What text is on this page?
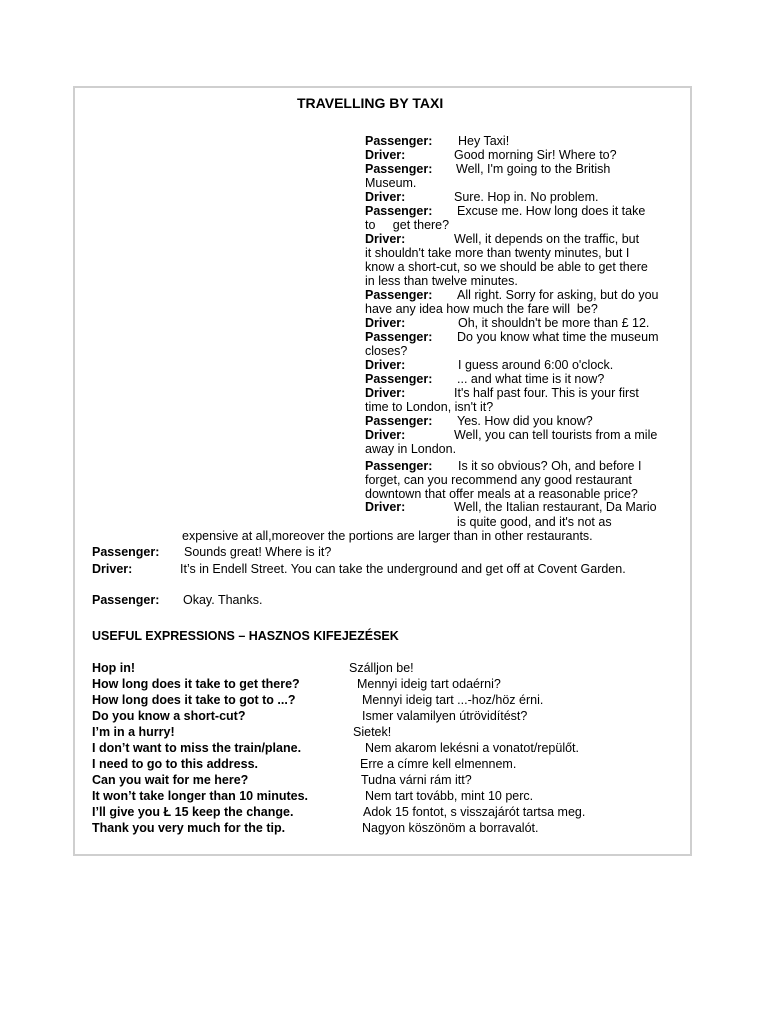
TRAVELLING BY TAXI
Passenger: Hey Taxi!
Driver:	Good morning Sir! Where to?
Passenger: Well, I'm going to the British
Museum.
Driver:	Sure. Hop in. No problem.
Passenger: Excuse me. How long does it take
to     get there?
Driver:	Well, it depends on the traffic, but
it shouldn't take more than twenty minutes, but I
know a short-cut, so we should be able to get there
in less than twelve minutes.
Passenger: All right. Sorry for asking, but do you
have any idea how much the fare will  be?
Driver:	Oh, it shouldn't be more than £ 12.
Passenger: Do you know what time the museum
closes?
Driver:	I guess around 6:00 o'clock.
Passenger: ... and what time is it now?
Driver:	It's half past four. This is your first
time to London, isn't it?
Passenger: Yes. How did you know?
Driver:	Well, you can tell tourists from a mile
away in London.
Passenger: Is it so obvious? Oh, and before I
forget, can you recommend any good restaurant
downtown that offer meals at a reasonable price?
Driver:	Well, the Italian restaurant, Da Mario
is quite good, and it's not as
expensive at all,moreover the portions are larger than in other restaurants.
Passenger: Sounds great! Where is it?
Driver:	It’s in Endell Street. You can take the underground and get off at Covent Garden.
Passenger: Okay. Thanks.
USEFUL EXPRESSIONS – HASZNOS KIFEJEZÉSEK
Hop in!	Szálljon be!
How long does it take to get there?	Mennyi ideig tart odaérni?
How long does it take to got to ...?	Mennyi ideig tart ...-hoz/höz érni.
Do you know a short-cut?	Ismer valamilyen útrövidítést?
I’m in a hurry!	Sietek!
I don’t want to miss the train/plane.	Nem akarom lekésni a vonatot/repülőt.
I need to go to this address.	Erre a címre kell elmennem.
Can you wait for me here?	Tudna várni rám itt?
It won’t take longer than 10 minutes.	Nem tart tovább, mint 10 perc.
I’ll give you Ł 15 keep the change.	Adok 15 fontot, s visszajárót tartsa meg.
Thank you very much for the tip.	Nagyon köszönöm a borravalót.
